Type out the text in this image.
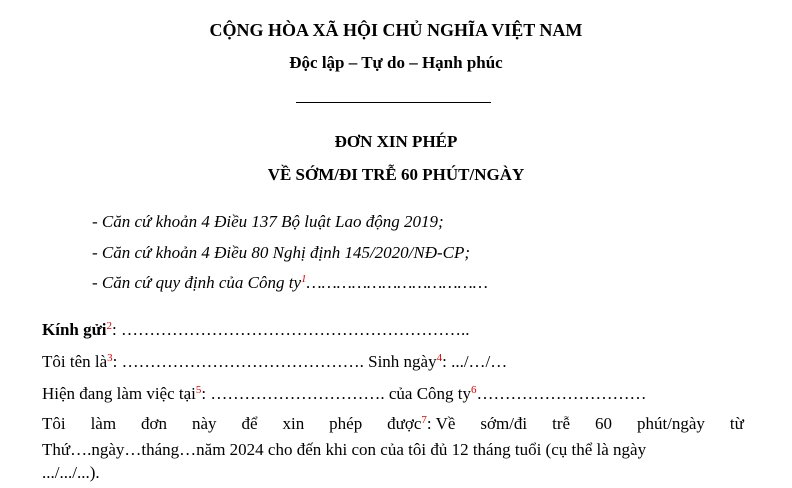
CỘNG HÒA XÃ HỘI CHỦ NGHĨA VIỆT NAM
Độc lập – Tự do – Hạnh phúc
ĐƠN XIN PHÉP
VỀ SỚM/ĐI TRỄ 60 PHÚT/NGÀY
- Căn cứ khoản 4 Điều 137 Bộ luật Lao động 2019;
- Căn cứ khoản 4 Điều 80 Nghị định 145/2020/NĐ-CP;
- Căn cứ quy định của Công $ty^1\dots\dots\dots\dots\dots\dots\dots\dots\dots\dots\dots\dots$
Kính gửi$^2$: ……………………………………………………..
Tôi tên $là^3$: ……………………………………. Sinh ngày$^4$: .../…/…
Hiện đang làm việc tại$^5$: …………………………. của Công $ty^6\dots\dots\dots\dots\dots\dots\dots\dots\dots\dots$
Tôi làm đơn này để xin phép được$^7$: Về sớm/đi trễ 60 phút/ngày từ
Thứ….ngày…tháng…năm 2024 cho đến khi con của tôi đủ 12 tháng tuổi (cụ thể là ngày
.../.../...).
